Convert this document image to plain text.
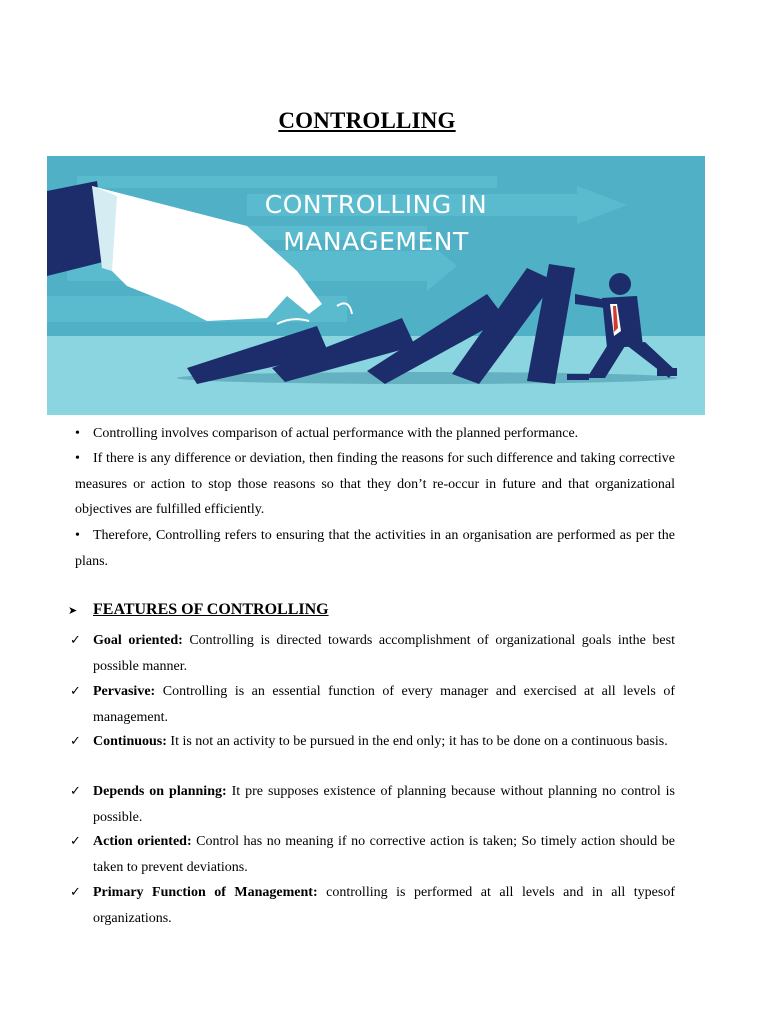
CONTROLLING
CONTROLLING IN
MANAGEMENT
•Controlling involves comparison of actual performance with the planned performance.
•If there is any difference or deviation, then finding the reasons for such difference and taking corrective measures or action to stop those reasons so that they don’t re-occur in future and that organizational objectives are fulfilled efficiently.
•Therefore, Controlling refers to ensuring that the activities in an organisation are performed as per the plans.
➤ FEATURES OF CONTROLLING
✓ Goal oriented: Controlling is directed towards accomplishment of organizational goals inthe best possible manner.
✓ Pervasive: Controlling is an essential function of every manager and exercised at all levels of management.
✓ Continuous: It is not an activity to be pursued in the end only; it has to be done on a continuous basis.
✓ Depends on planning: It pre supposes existence of planning because without planning no control is possible.
✓ Action oriented: Control has no meaning if no corrective action is taken; So timely action should be taken to prevent deviations.
✓ Primary Function of Management: controlling is performed at all levels and in all typesof organizations.
